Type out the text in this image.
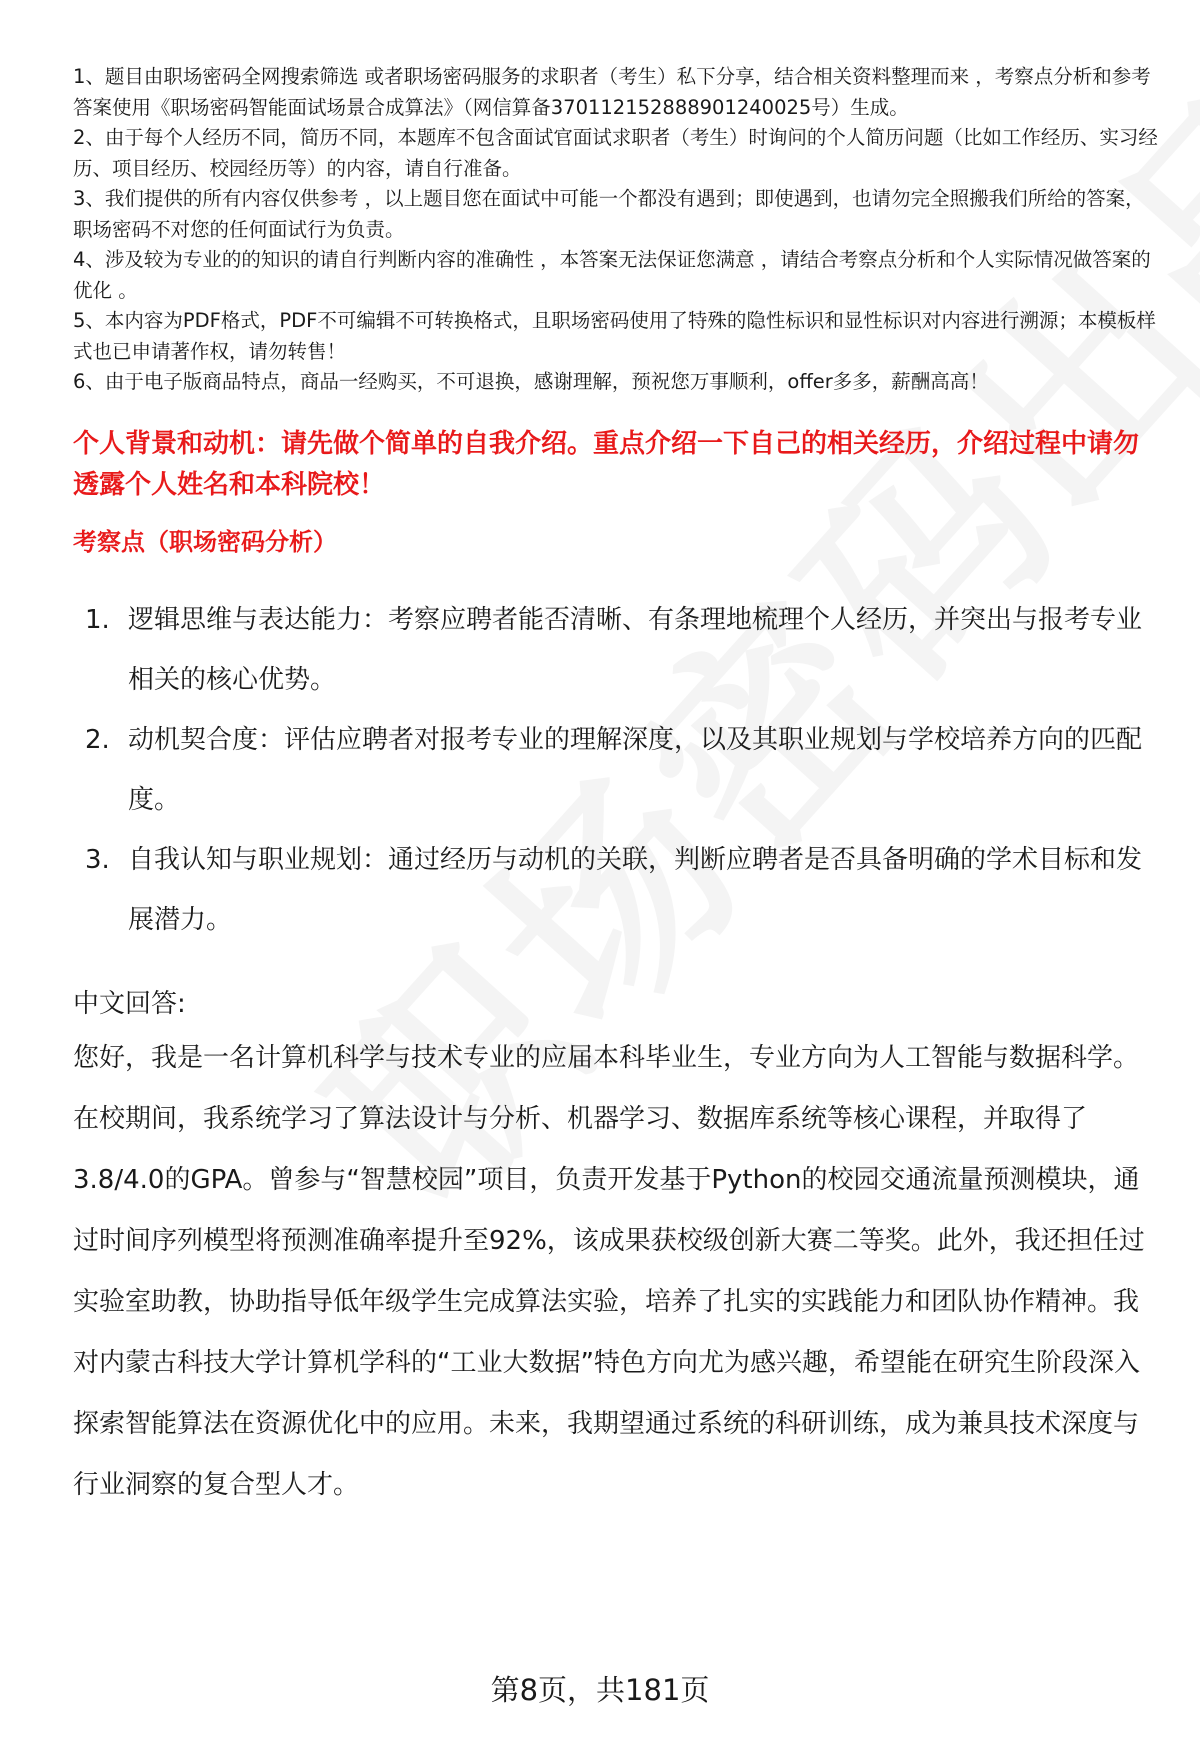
1、题目由职场密码全网搜索筛选 或者职场密码服务的求职者（考生）私下分享，结合相关资料整理而来 ，考察点分析和参考答案使用《职场密码智能面试场景合成算法》（网信算备370112152888901240025号）生成。
2、由于每个人经历不同，简历不同，本题库不包含面试官面试求职者（考生）时询问的个人简历问题（比如工作经历、实习经历、项目经历、校园经历等）的内容，请自行准备。
3、我们提供的所有内容仅供参考 ，以上题目您在面试中可能一个都没有遇到；即使遇到，也请勿完全照搬我们所给的答案，职场密码不对您的任何面试行为负责。
4、涉及较为专业的的知识的请自行判断内容的准确性 ，本答案无法保证您满意 ，请结合考察点分析和个人实际情况做答案的优化 。
5、本内容为PDF格式，PDF不可编辑不可转换格式，且职场密码使用了特殊的隐性标识和显性标识对内容进行溯源；本模板样式也已申请著作权，请勿转售！
6、由于电子版商品特点，商品一经购买，不可退换，感谢理解，预祝您万事顺利，offer多多，薪酬高高！
个人背景和动机：请先做个简单的自我介绍。重点介绍一下自己的相关经历，介绍过程中请勿透露个人姓名和本科院校！
考察点（职场密码分析）
1. 逻辑思维与表达能力：考察应聘者能否清晰、有条理地梳理个人经历，并突出与报考专业相关的核心优势。
2. 动机契合度：评估应聘者对报考专业的理解深度，以及其职业规划与学校培养方向的匹配度。
3. 自我认知与职业规划：通过经历与动机的关联，判断应聘者是否具备明确的学术目标和发展潜力。
中文回答:
您好，我是一名计算机科学与技术专业的应届本科毕业生，专业方向为人工智能与数据科学。在校期间，我系统学习了算法设计与分析、机器学习、数据库系统等核心课程，并取得了3.8/4.0的GPA。曾参与“智慧校园”项目，负责开发基于Python的校园交通流量预测模块，通过时间序列模型将预测准确率提升至92%，该成果获校级创新大赛二等奖。此外，我还担任过实验室助教，协助指导低年级学生完成算法实验，培养了扎实的实践能力和团队协作精神。我对内蒙古科技大学计算机学科的“工业大数据”特色方向尤为感兴趣，希望能在研究生阶段深入探索智能算法在资源优化中的应用。未来，我期望通过系统的科研训练，成为兼具技术深度与行业洞察的复合型人才。
第8页，共181页
